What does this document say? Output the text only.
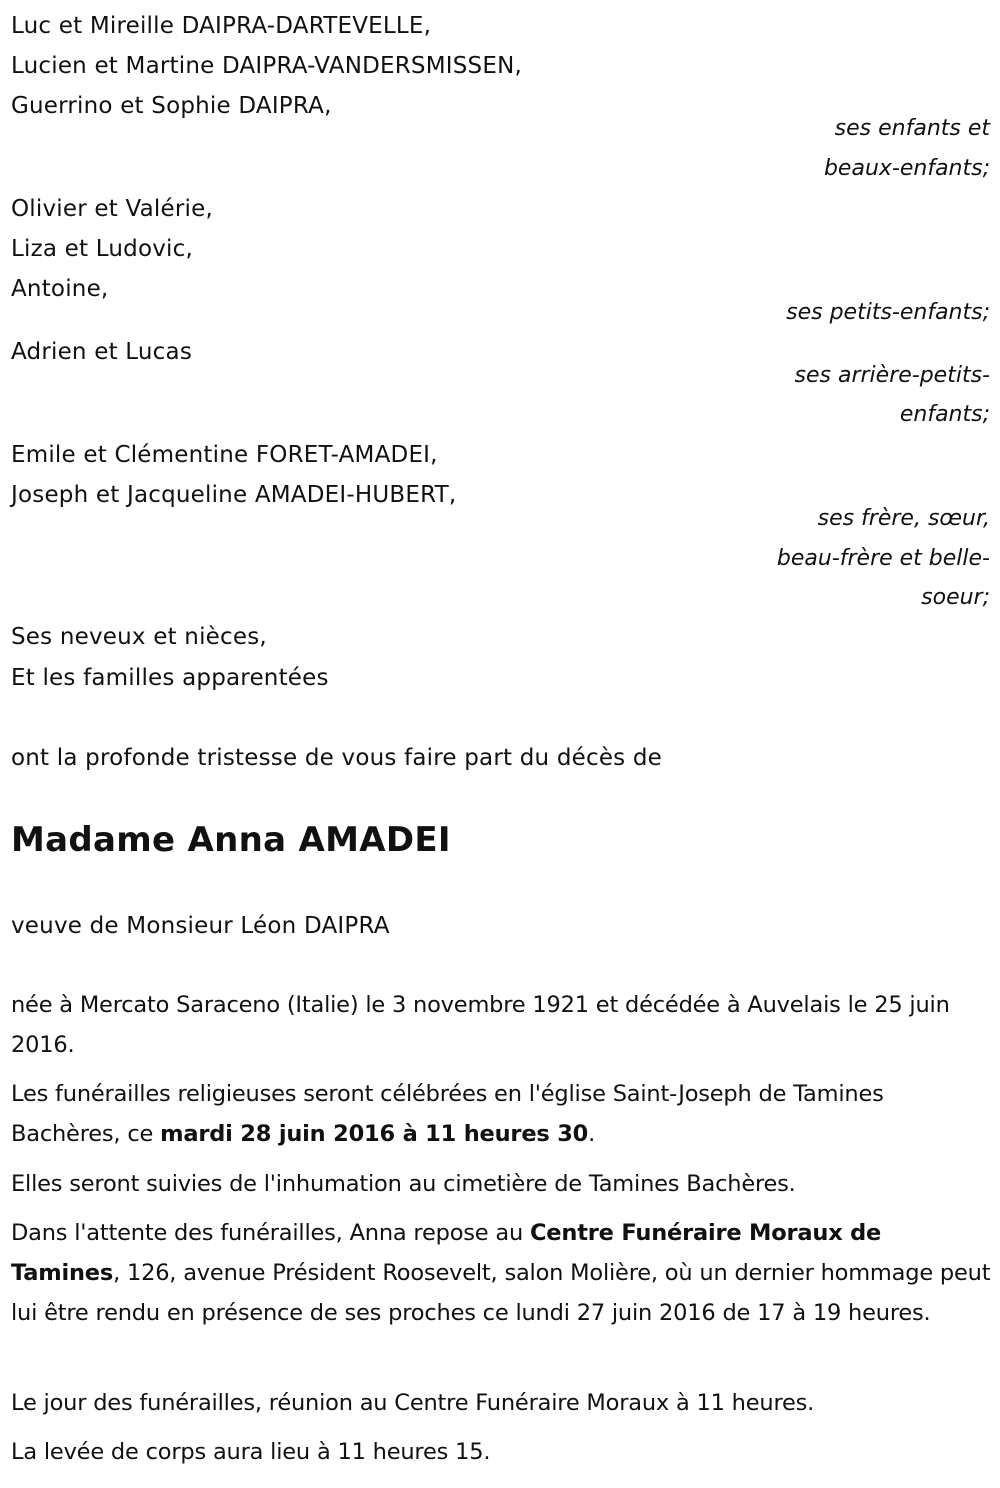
Luc et Mireille DAIPRA-DARTEVELLE,
Lucien et Martine DAIPRA-VANDERSMISSEN,
Guerrino et Sophie DAIPRA,
ses enfants et
beaux-enfants;
Olivier et Valérie,
Liza et Ludovic,
Antoine,
ses petits-enfants;
Adrien et Lucas
ses arrière-petits-
enfants;
Emile et Clémentine FORET-AMADEI,
Joseph et Jacqueline AMADEI-HUBERT,
ses frère, sœur,
beau-frère et belle-
soeur;
Ses neveux et nièces,
Et les familles apparentées
ont la profonde tristesse de vous faire part du décès de
Madame Anna AMADEI
veuve de Monsieur Léon DAIPRA
née à Mercato Saraceno (Italie) le 3 novembre 1921 et décédée à Auvelais le 25 juin 2016.
Les funérailles religieuses seront célébrées en l'église Saint-Joseph de Tamines Bachères, ce mardi 28 juin 2016 à 11 heures 30.
Elles seront suivies de l'inhumation au cimetière de Tamines Bachères.
Dans l'attente des funérailles, Anna repose au Centre Funéraire Moraux de Tamines, 126, avenue Président Roosevelt, salon Molière, où un dernier hommage peut lui être rendu en présence de ses proches ce lundi 27 juin 2016 de 17 à 19 heures.
Le jour des funérailles, réunion au Centre Funéraire Moraux à 11 heures.
La levée de corps aura lieu à 11 heures 15.
